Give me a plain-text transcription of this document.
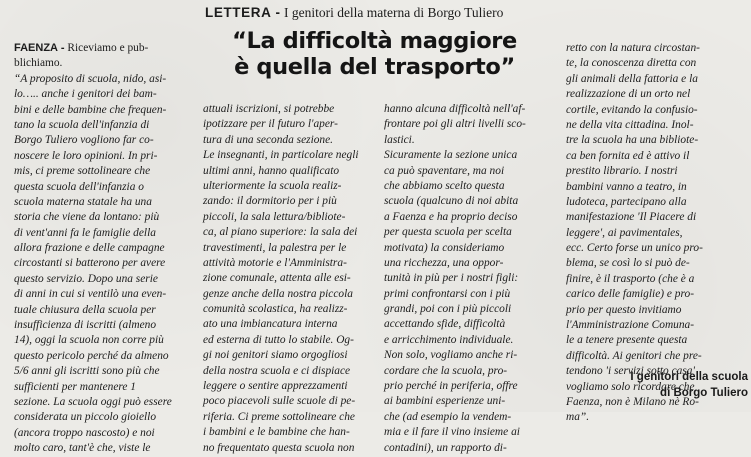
LETTERA - I genitori della materna di Borgo Tuliero
“La difficoltà maggiore
è quella del trasporto”
FAENZA - Riceviamo e pub-
blichiamo.
“A proposito di scuola, nido, asi-
lo….. anche i genitori dei bam-
bini e delle bambine che frequen-
tano la scuola dell'infanzia di
Borgo Tuliero vogliono far co-
noscere le loro opinioni. In pri-
mis, ci preme sottolineare che
questa scuola dell'infanzia o
scuola materna statale ha una
storia che viene da lontano: più
di vent'anni fa le famiglie della
allora frazione e delle campagne
circostanti si batterono per avere
questo servizio. Dopo una serie
di anni in cui si ventilò una even-
tuale chiusura della scuola per
insufficienza di iscritti (almeno
14), oggi la scuola non corre più
questo pericolo perché da almeno
5/6 anni gli iscritti sono più che
sufficienti per mantenere 1
sezione. La scuola oggi può essere
considerata un piccolo gioiello
(ancora troppo nascosto) e noi
molto caro, tant'è che, viste le
attuali iscrizioni, si potrebbe
ipotizzare per il futuro l'aper-
tura di una seconda sezione.
Le insegnanti, in particolare negli
ultimi anni, hanno qualificato
ulteriormente la scuola realiz-
zando: il dormitorio per i più
piccoli, la sala lettura/bibliote-
ca, al piano superiore: la sala dei
travestimenti, la palestra per le
attività motorie e l'Amministra-
zione comunale, attenta alle esi-
genze anche della nostra piccola
comunità scolastica, ha realizz-
ato una imbiancatura interna
ed esterna di tutto lo stabile. Og-
gi noi genitori siamo orgogliosi
della nostra scuola e ci dispiace
leggere o sentire apprezzamenti
poco piacevoli sulle scuole di pe-
riferia. Ci preme sottolineare che
i bambini e le bambine che han-
no frequentato questa scuola non
hanno alcuna difficoltà nell'af-
frontare poi gli altri livelli sco-
lastici.
Sicuramente la sezione unica
ca può spaventare, ma noi
che abbiamo scelto questa
scuola (qualcuno di noi abita
a Faenza e ha proprio deciso
per questa scuola per scelta
motivata) la consideriamo
una ricchezza, una oppor-
tunità in più per i nostri figli:
primi confrontarsi con i più
grandi, poi con i più piccoli
accettando sfide, difficoltà
e arricchimento individuale.
Non solo, vogliamo anche ri-
cordare che la scuola, pro-
prio perché in periferia, offre
ai bambini esperienze uni-
che (ad esempio la vendem-
mia e il fare il vino insieme ai
contadini), un rapporto di-
retto con la natura circostan-
te, la conoscenza diretta con
gli animali della fattoria e la
realizzazione di un orto nel
cortile, evitando la confusio-
ne della vita cittadina. Inol-
tre la scuola ha una bibliote-
ca ben fornita ed è attivo il
prestito librario. I nostri
bambini vanno a teatro, in
ludoteca, partecipano alla
manifestazione 'Il Piacere di
leggere', ai pavimentales,
ecc. Certo forse un unico pro-
blema, se così lo si può de-
finire, è il trasporto (che è a
carico delle famiglie) e pro-
prio per questo invitiamo
l'Amministrazione Comuna-
le a tenere presente questa
difficoltà. Ai genitori che pre-
tendono 'i servizi sotto casa'
vogliamo solo ricordare che
Faenza, non è Milano nè Ro-
ma”.
I genitori della scuola
di Borgo Tuliero
